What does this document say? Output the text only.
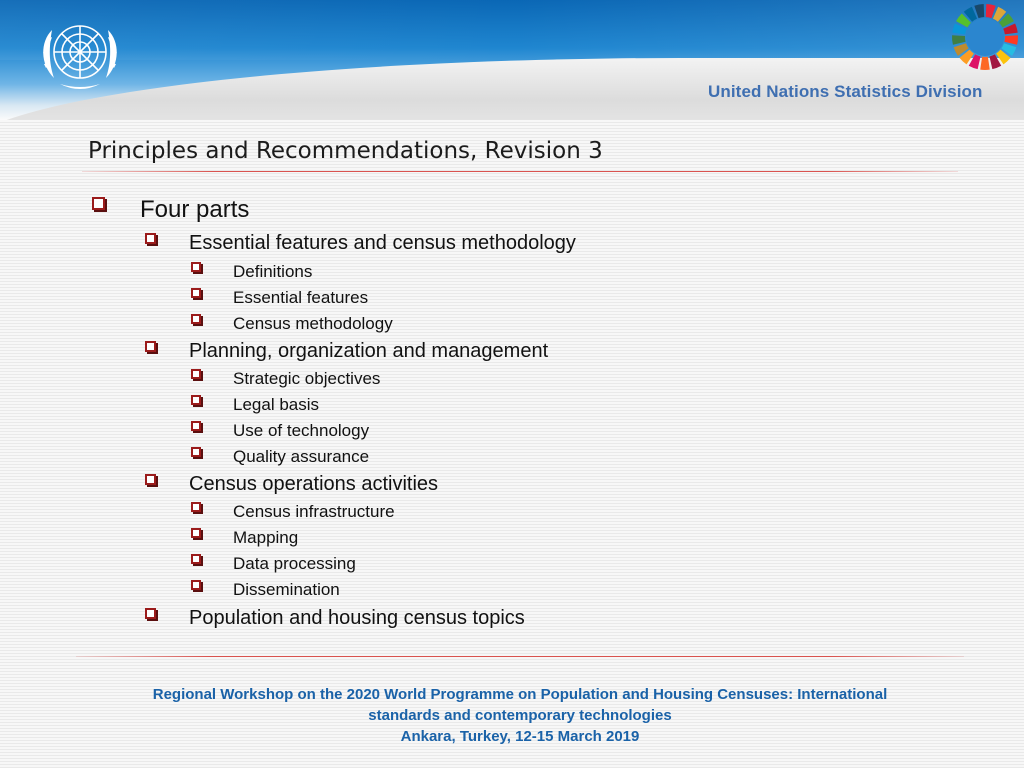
United Nations Statistics Division
Principles and Recommendations, Revision 3
Four parts
Essential features and census methodology
Definitions
Essential features
Census methodology
Planning, organization and management
Strategic objectives
Legal basis
Use of technology
Quality assurance
Census operations activities
Census infrastructure
Mapping
Data processing
Dissemination
Population and housing census topics
Regional Workshop on the 2020 World Programme on Population and Housing Censuses: International
standards and contemporary technologies
Ankara, Turkey, 12-15 March 2019
